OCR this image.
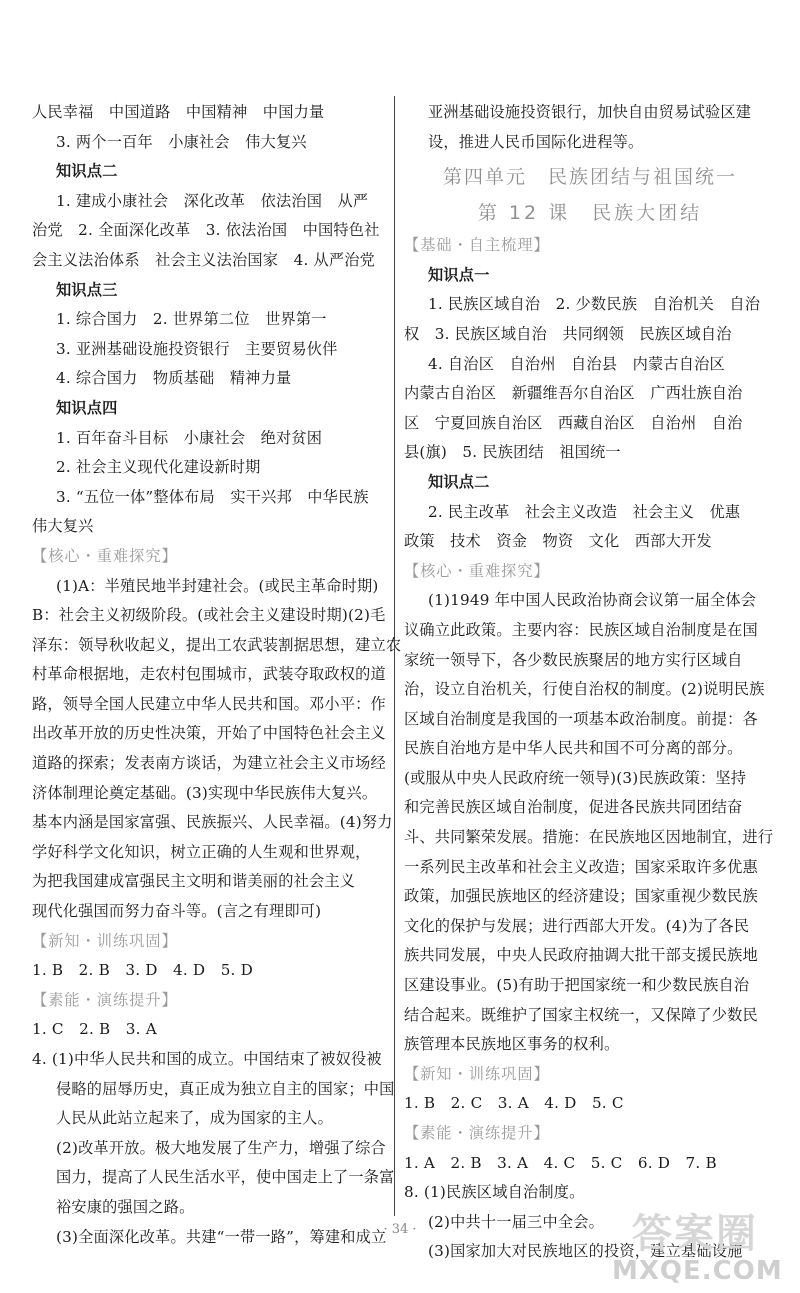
人民幸福　中国道路　中国精神　中国力量
3. 两个一百年　小康社会　伟大复兴
知识点二
1. 建成小康社会　深化改革　依法治国　从严
治党　2. 全面深化改革　3. 依法治国　中国特色社
会主义法治体系　社会主义法治国家　4. 从严治党
知识点三
1. 综合国力　2. 世界第二位　世界第一
3. 亚洲基础设施投资银行　主要贸易伙伴
4. 综合国力　物质基础　精神力量
知识点四
1. 百年奋斗目标　小康社会　绝对贫困
2. 社会主义现代化建设新时期
3. “五位一体”整体布局　实干兴邦　中华民族
伟大复兴
【核心・重难探究】
(1)A：半殖民地半封建社会。(或民主革命时期)
B：社会主义初级阶段。(或社会主义建设时期)(2)毛
泽东：领导秋收起义，提出工农武装割据思想，建立农
村革命根据地，走农村包围城市，武装夺取政权的道
路，领导全国人民建立中华人民共和国。邓小平：作
出改革开放的历史性决策，开始了中国特色社会主义
道路的探索；发表南方谈话，为建立社会主义市场经
济体制理论奠定基础。(3)实现中华民族伟大复兴。
基本内涵是国家富强、民族振兴、人民幸福。(4)努力
学好科学文化知识，树立正确的人生观和世界观，
为把我国建成富强民主文明和谐美丽的社会主义
现代化强国而努力奋斗等。(言之有理即可)
【新知・训练巩固】
1. B　2. B　3. D　4. D　5. D
【素能・演练提升】
1. C　2. B　3. A
4. (1)中华人民共和国的成立。中国结束了被奴役被
侵略的屈辱历史，真正成为独立自主的国家；中国
人民从此站立起来了，成为国家的主人。
(2)改革开放。极大地发展了生产力，增强了综合
国力，提高了人民生活水平，使中国走上了一条富
裕安康的强国之路。
(3)全面深化改革。共建“一带一路”，筹建和成立
亚洲基础设施投资银行，加快自由贸易试验区建
设，推进人民币国际化进程等。
第四单元　民族团结与祖国统一
第 12 课　民族大团结
【基础・自主梳理】
知识点一
1. 民族区域自治　2. 少数民族　自治机关　自治
权　3. 民族区域自治　共同纲领　民族区域自治
4. 自治区　自治州　自治县　内蒙古自治区
内蒙古自治区　新疆维吾尔自治区　广西壮族自治
区　宁夏回族自治区　西藏自治区　自治州　自治
县(旗)　5. 民族团结　祖国统一
知识点二
2. 民主改革　社会主义改造　社会主义　优惠
政策　技术　资金　物资　文化　西部大开发
【核心・重难探究】
(1)1949 年中国人民政治协商会议第一届全体会
议确立此政策。主要内容：民族区域自治制度是在国
家统一领导下，各少数民族聚居的地方实行区域自
治，设立自治机关，行使自治权的制度。(2)说明民族
区域自治制度是我国的一项基本政治制度。前提：各
民族自治地方是中华人民共和国不可分离的部分。
(或服从中央人民政府统一领导)(3)民族政策：坚持
和完善民族区域自治制度，促进各民族共同团结奋
斗、共同繁荣发展。措施：在民族地区因地制宜，进行
一系列民主改革和社会主义改造；国家采取许多优惠
政策，加强民族地区的经济建设；国家重视少数民族
文化的保护与发展；进行西部大开发。(4)为了各民
族共同发展，中央人民政府抽调大批干部支援民族地
区建设事业。(5)有助于把国家统一和少数民族自治
结合起来。既维护了国家主权统一，又保障了少数民
族管理本民族地区事务的权利。
【新知・训练巩固】
1. B　2. C　3. A　4. D　5. C
【素能・演练提升】
1. A　2. B　3. A　4. C　5. C　6. D　7. B
8. (1)民族区域自治制度。
(2)中共十一届三中全会。
(3)国家加大对民族地区的投资，建立基础设施
· 34 ·	答案圈
MXQE.COM
